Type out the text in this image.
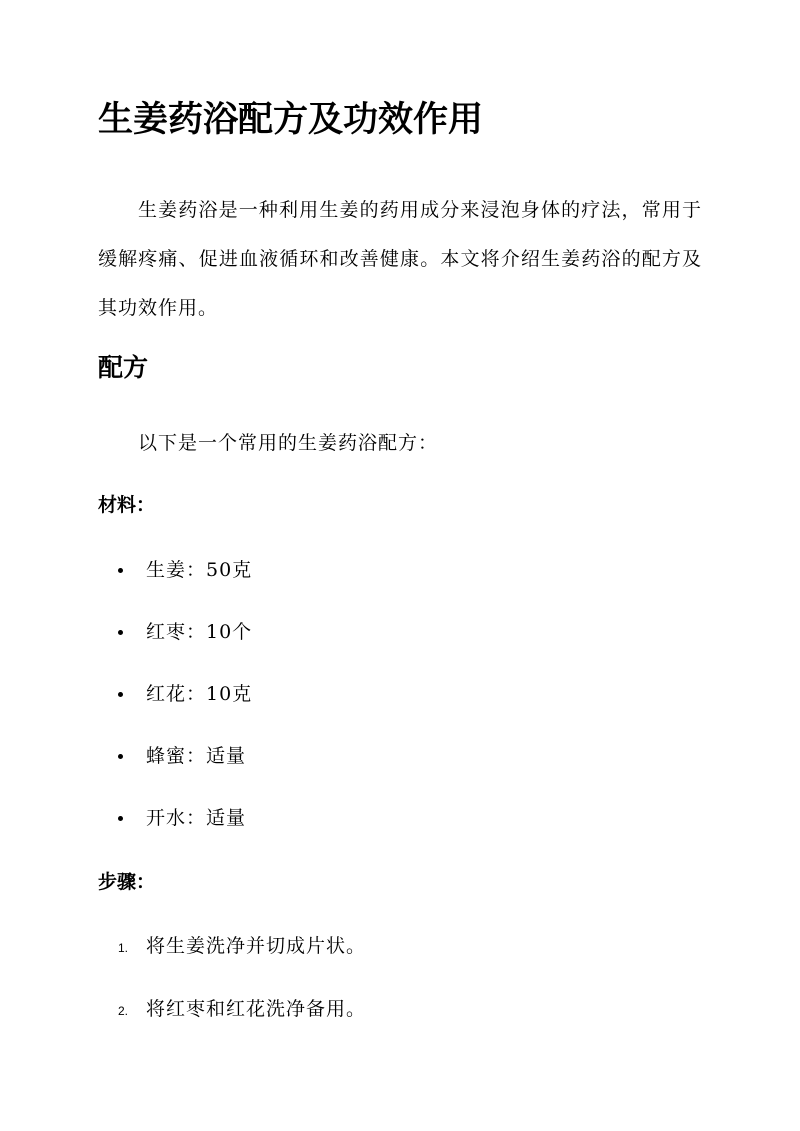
生姜药浴配方及功效作用

生姜药浴是一种利用生姜的药用成分来浸泡身体的疗法，常用于缓解疼痛、促进血液循环和改善健康。本文将介绍生姜药浴的配方及其功效作用。

配方

以下是一个常用的生姜药浴配方：

材料：
生姜：50克
红枣：10个
红花：10克
蜂蜜：适量
开水：适量
步骤：
1. 将生姜洗净并切成片状。
2. 将红枣和红花洗净备用。
